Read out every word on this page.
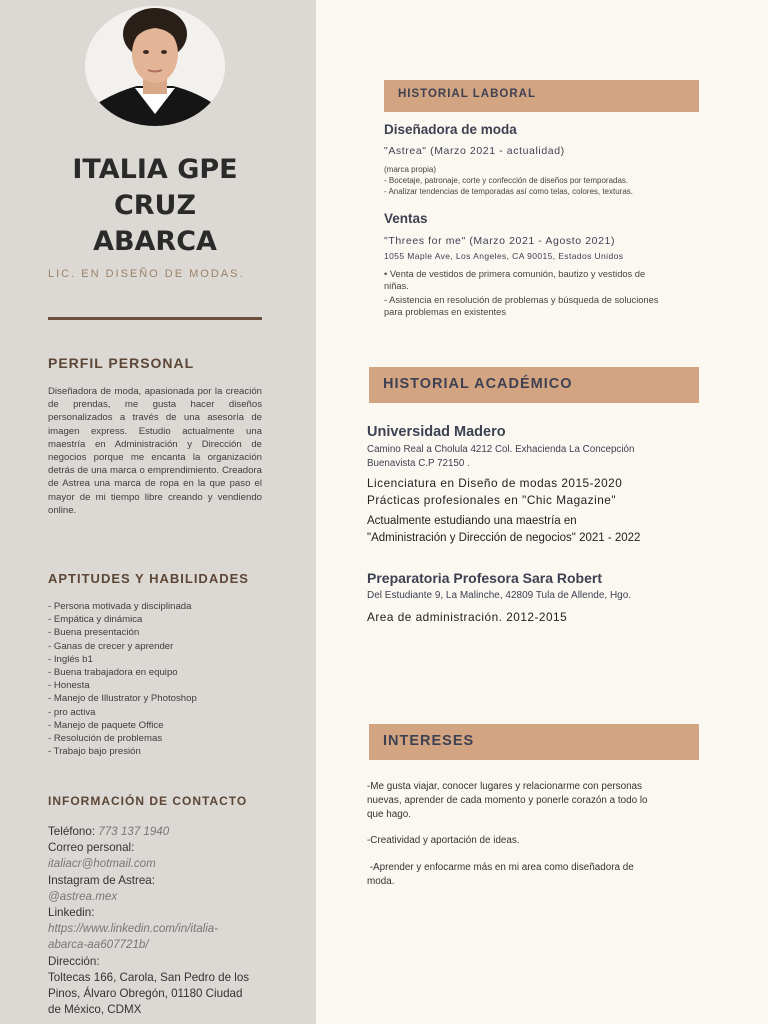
ITALIA GPE
CRUZ
ABARCA
LIC. EN DISEÑO DE MODAS.
PERFIL PERSONAL
Diseñadora de moda, apasionada por la creación de prendas, me gusta hacer diseños personalizados a través de una asesoría de imagen express. Estudio actualmente una maestría en Administración y Dirección de negocios porque me encanta la organización detrás de una marca o emprendimiento. Creadora de Astrea una marca de ropa en la que paso el mayor de mi tiempo libre creando y vendiendo online.
APTITUDES Y HABILIDADES
- Persona motivada y disciplinada
- Empática y dinámica
- Buena presentación
- Ganas de crecer y aprender
- Inglés b1
- Buena trabajadora en equipo
- Honesta
- Manejo de Illustrator y Photoshop
- pro activa
- Manejo de paquete Office
- Resolución de problemas
- Trabajo bajo presión
INFORMACIÓN DE CONTACTO
Teléfono: 773 137 1940
Correo personal:
italiacr@hotmail.com
Instagram de Astrea:
@astrea.mex
Linkedin:
https://www.linkedin.com/in/italia-
abarca-aa607721b/
Dirección:
Toltecas 166, Carola, San Pedro de los
Pinos, Álvaro Obregón, 01180 Ciudad
de México, CDMX
HISTORIAL LABORAL
Diseñadora de moda
"Astrea" (Marzo 2021 - actualidad)
(marca propia)
- Bocetaje, patronaje, corte y confección de diseños por temporadas.
- Analizar tendencias de temporadas así como telas, colores, texturas.
Ventas
"Threes for me" (Marzo 2021 - Agosto 2021)
1055 Maple Ave, Los Angeles, CA 90015, Estados Unidos
• Venta de vestidos de primera comunión, bautizo y vestidos de
niñas.
- Asistencia en resolución de problemas y búsqueda de soluciones
para problemas en existentes
HISTORIAL ACADÉMICO
Universidad Madero
Camino Real a Cholula 4212 Col. Exhacienda La Concepción
Buenavista C.P 72150 .
Licenciatura en Diseño de modas 2015-2020
Prácticas profesionales en "Chic Magazine"
Actualmente estudiando una maestría en
"Administración y Dirección de negocios" 2021 - 2022
Preparatoria Profesora Sara Robert
Del Estudiante 9, La Malinche, 42809 Tula de Allende, Hgo.
Area de administración. 2012-2015
INTERESES
-Me gusta viajar, conocer lugares y relacionarme con personas
nuevas, aprender de cada momento y ponerle corazón a todo lo
que hago.
-Creatividad y aportación de ideas.
-Aprender y enfocarme más en mi area como diseñadora de
moda.
